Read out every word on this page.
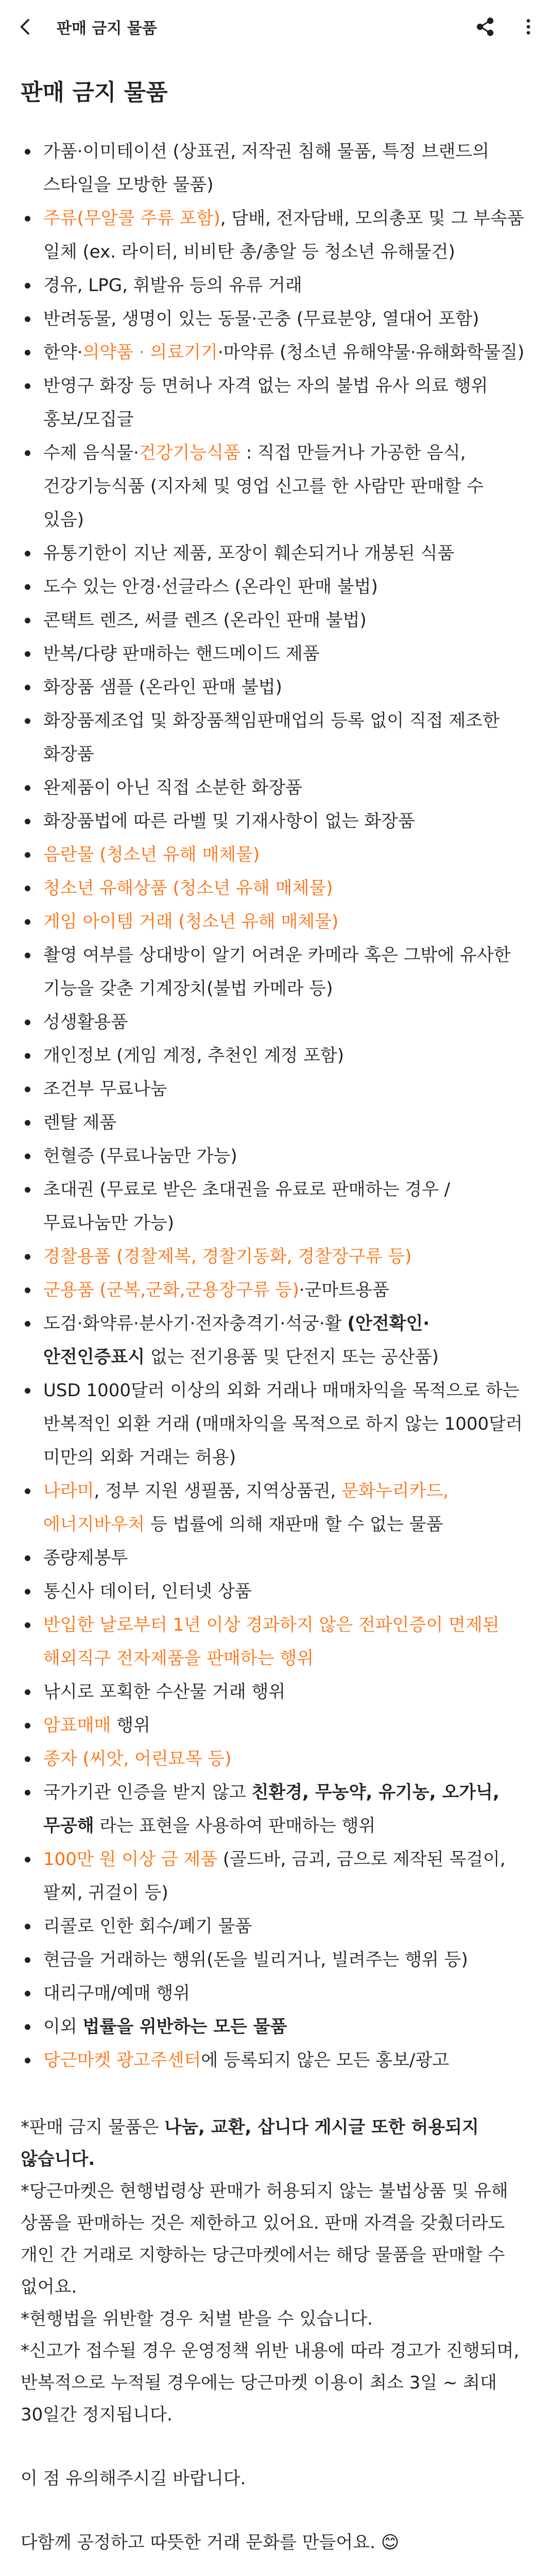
판매 금지 물품
판매 금지 물품
가품·이미테이션 (상표권, 저작권 침해 물품, 특정 브랜드의 스타일을 모방한 물품)
주류(무알콜 주류 포함), 담배, 전자담배, 모의총포 및 그 부속품 일체 (ex. 라이터, 비비탄 총/총알 등 청소년 유해물건)
경유, LPG, 휘발유 등의 유류 거래
반려동물, 생명이 있는 동물·곤충 (무료분양, 열대어 포함)
한약·의약품 · 의료기기·마약류 (청소년 유해약물·유해화학물질)
반영구 화장 등 면허나 자격 없는 자의 불법 유사 의료 행위 홍보/모집글
수제 음식물·건강기능식품 : 직접 만들거나 가공한 음식, 건강기능식품 (지자체 및 영업 신고를 한 사람만 판매할 수 있음)
유통기한이 지난 제품, 포장이 훼손되거나 개봉된 식품
도수 있는 안경·선글라스 (온라인 판매 불법)
콘택트 렌즈, 써클 렌즈 (온라인 판매 불법)
반복/다량 판매하는 핸드메이드 제품
화장품 샘플 (온라인 판매 불법)
화장품제조업 및 화장품책임판매업의 등록 없이 직접 제조한 화장품
완제품이 아닌 직접 소분한 화장품
화장품법에 따른 라벨 및 기재사항이 없는 화장품
음란물 (청소년 유해 매체물)
청소년 유해상품 (청소년 유해 매체물)
게임 아이템 거래 (청소년 유해 매체물)
촬영 여부를 상대방이 알기 어려운 카메라 혹은 그밖에 유사한 기능을 갖춘 기계장치(불법 카메라 등)
성생활용품
개인정보 (게임 계정, 추천인 계정 포함)
조건부 무료나눔
렌탈 제품
헌혈증 (무료나눔만 가능)
초대권 (무료로 받은 초대권을 유료로 판매하는 경우 / 무료나눔만 가능)
경찰용품 (경찰제복, 경찰기동화, 경찰장구류 등)
군용품 (군복,군화,군용장구류 등)·군마트용품
도검·화약류·분사기·전자충격기·석궁·활 (안전확인·안전인증표시 없는 전기용품 및 단전지 또는 공산품)
USD 1000달러 이상의 외화 거래나 매매차익을 목적으로 하는 반복적인 외환 거래 (매매차익을 목적으로 하지 않는 1000달러 미만의 외화 거래는 허용)
나라미, 정부 지원 생필품, 지역상품권, 문화누리카드,에너지바우처 등 법률에 의해 재판매 할 수 없는 물품
종량제봉투
통신사 데이터, 인터넷 상품
반입한 날로부터 1년 이상 경과하지 않은 전파인증이 면제된 해외직구 전자제품을 판매하는 행위
낚시로 포획한 수산물 거래 행위
암표매매 행위
종자 (씨앗, 어린묘목 등)
국가기관 인증을 받지 않고 친환경, 무농약, 유기농, 오가닉, 무공해 라는 표현을 사용하여 판매하는 행위
100만 원 이상 금 제품 (골드바, 금괴, 금으로 제작된 목걸이, 팔찌, 귀걸이 등)
리콜로 인한 회수/폐기 물품
현금을 거래하는 행위(돈을 빌리거나, 빌려주는 행위 등)
대리구매/예매 행위
이외 법률을 위반하는 모든 물품
당근마켓 광고주센터에 등록되지 않은 모든 홍보/광고

*판매 금지 물품은 나눔, 교환, 삽니다 게시글 또한 허용되지 않습니다.

*당근마켓은 현행법령상 판매가 허용되지 않는 불법상품 및 유해 상품을 판매하는 것은 제한하고 있어요. 판매 자격을 갖췄더라도 개인 간 거래로 지향하는 당근마켓에서는 해당 물품을 판매할 수 없어요.

*현행법을 위반할 경우 처벌 받을 수 있습니다.

*신고가 접수될 경우 운영정책 위반 내용에 따라 경고가 진행되며, 반복적으로 누적될 경우에는 당근마켓 이용이 최소 3일 ~ 최대 30일간 정지됩니다.

이 점 유의해주시길 바랍니다.

다함께 공정하고 따뜻한 거래 문화를 만들어요. 😊
